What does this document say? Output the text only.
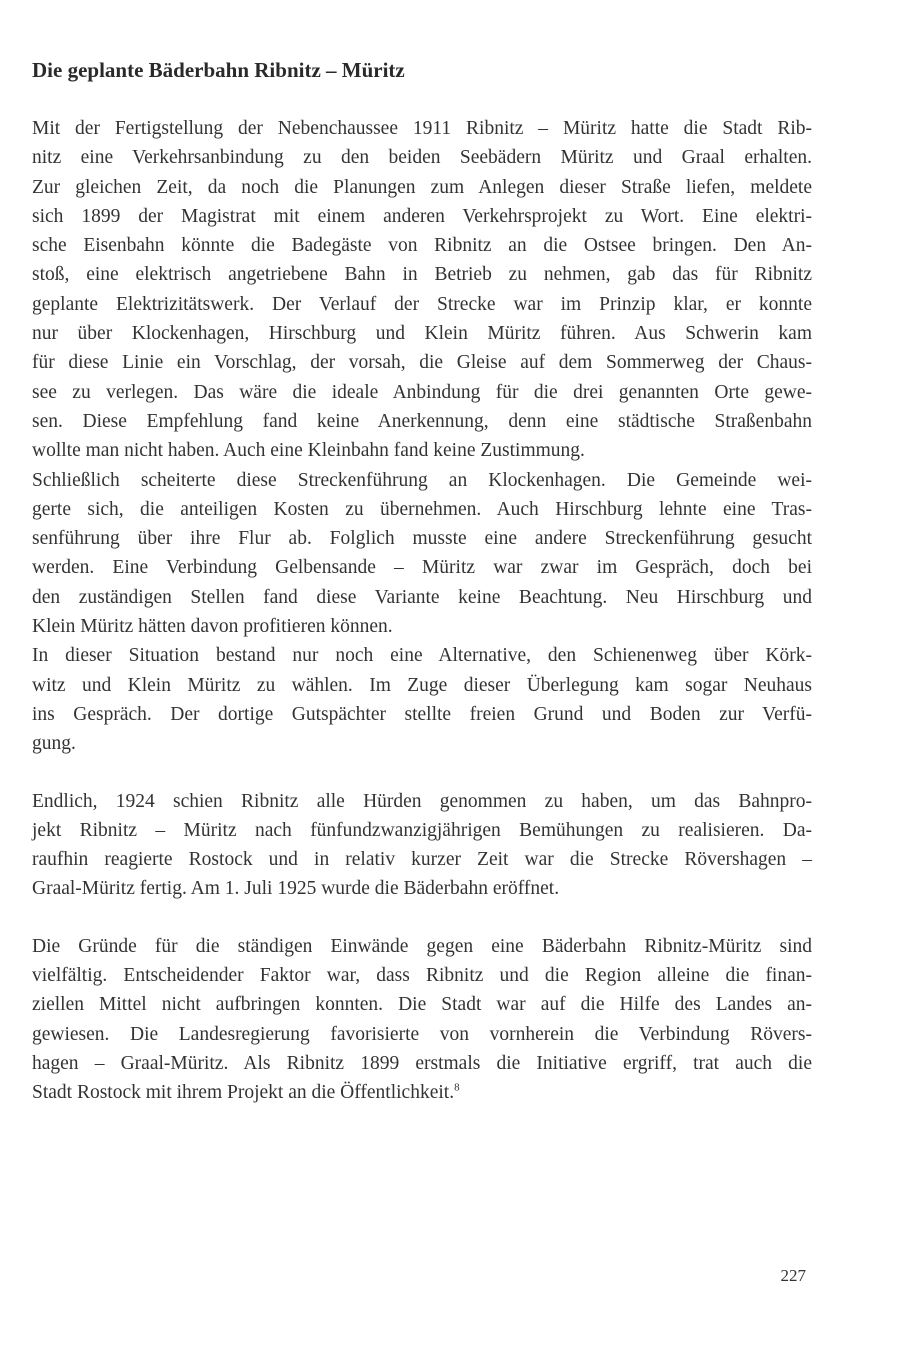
Die geplante Bäderbahn Ribnitz – Müritz
Mit der Fertigstellung der Nebenchaussee 1911 Ribnitz – Müritz hatte die Stadt Rib-
nitz eine Verkehrsanbindung zu den beiden Seebädern Müritz und Graal erhalten.
Zur gleichen Zeit, da noch die Planungen zum Anlegen dieser Straße liefen, meldete
sich 1899 der Magistrat mit einem anderen Verkehrsprojekt zu Wort. Eine elektri-
sche Eisenbahn könnte die Badegäste von Ribnitz an die Ostsee bringen. Den An-
stoß, eine elektrisch angetriebene Bahn in Betrieb zu nehmen, gab das für Ribnitz
geplante Elektrizitätswerk. Der Verlauf der Strecke war im Prinzip klar, er konnte
nur über Klockenhagen, Hirschburg und Klein Müritz führen. Aus Schwerin kam
für diese Linie ein Vorschlag, der vorsah, die Gleise auf dem Sommerweg der Chaus-
see zu verlegen. Das wäre die ideale Anbindung für die drei genannten Orte gewe-
sen. Diese Empfehlung fand keine Anerkennung, denn eine städtische Straßenbahn
wollte man nicht haben. Auch eine Kleinbahn fand keine Zustimmung.
Schließlich scheiterte diese Streckenführung an Klockenhagen. Die Gemeinde wei-
gerte sich, die anteiligen Kosten zu übernehmen. Auch Hirschburg lehnte eine Tras-
senführung über ihre Flur ab. Folglich musste eine andere Streckenführung gesucht
werden. Eine Verbindung Gelbensande – Müritz war zwar im Gespräch, doch bei
den zuständigen Stellen fand diese Variante keine Beachtung. Neu Hirschburg und
Klein Müritz hätten davon profitieren können.
In dieser Situation bestand nur noch eine Alternative, den Schienenweg über Körk-
witz und Klein Müritz zu wählen. Im Zuge dieser Überlegung kam sogar Neuhaus
ins Gespräch. Der dortige Gutspächter stellte freien Grund und Boden zur Verfü-
gung.
Endlich, 1924 schien Ribnitz alle Hürden genommen zu haben, um das Bahnpro-
jekt Ribnitz – Müritz nach fünfundzwanzigjährigen Bemühungen zu realisieren. Da-
raufhin reagierte Rostock und in relativ kurzer Zeit war die Strecke Rövershagen –
Graal-Müritz fertig. Am 1. Juli 1925 wurde die Bäderbahn eröffnet.
Die Gründe für die ständigen Einwände gegen eine Bäderbahn Ribnitz-Müritz sind
vielfältig. Entscheidender Faktor war, dass Ribnitz und die Region alleine die finan-
ziellen Mittel nicht aufbringen konnten. Die Stadt war auf die Hilfe des Landes an-
gewiesen. Die Landesregierung favorisierte von vornherein die Verbindung Rövers-
hagen – Graal-Müritz. Als Ribnitz 1899 erstmals die Initiative ergriff, trat auch die
Stadt Rostock mit ihrem Projekt an die Öffentlichkeit.$^8$
227
